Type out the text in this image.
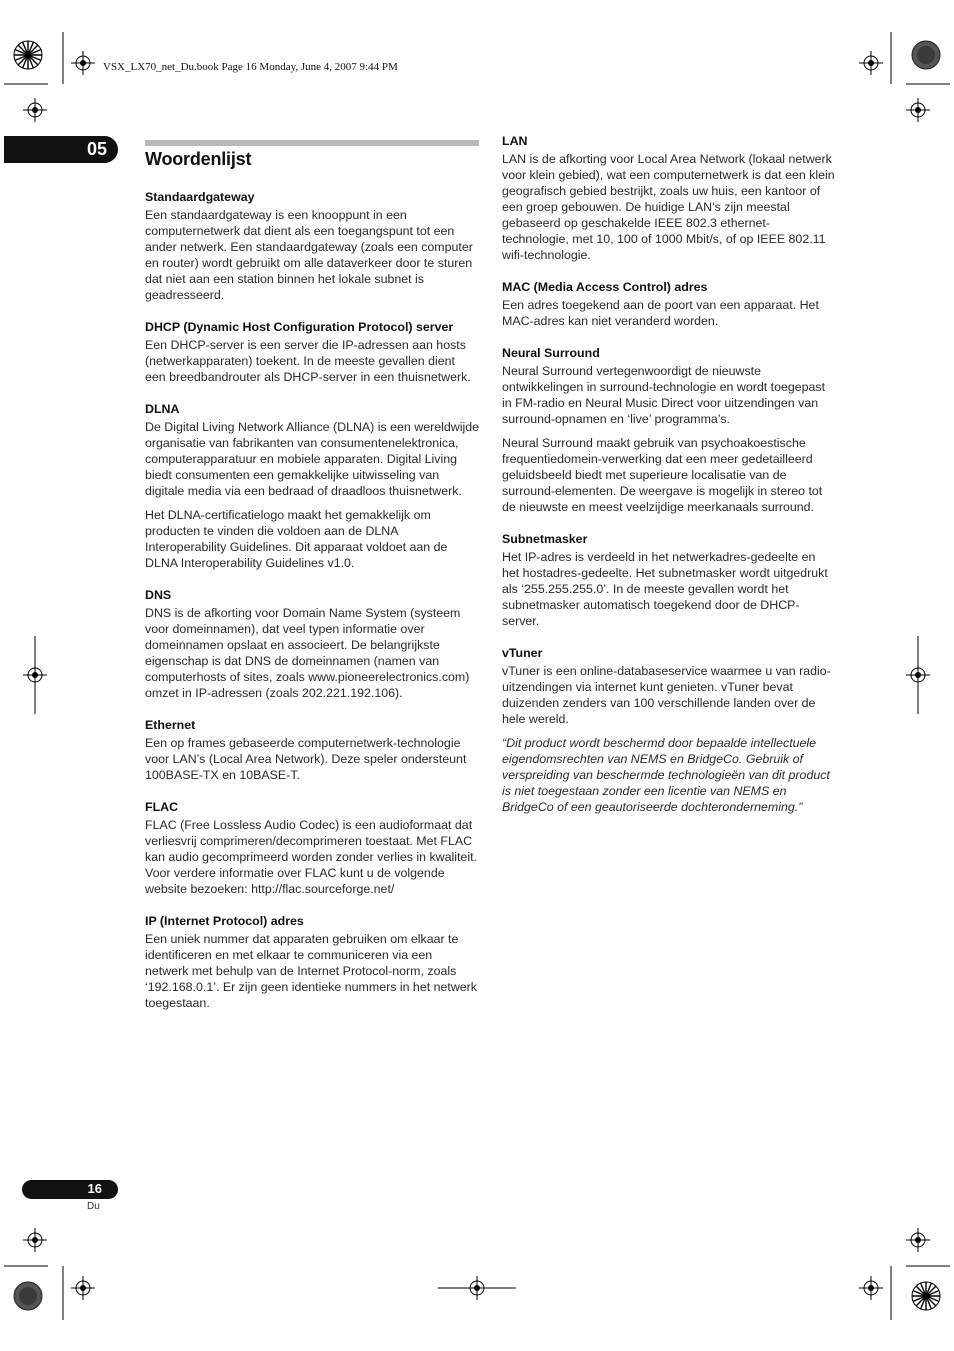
VSX_LX70_net_Du.book Page 16 Monday, June 4, 2007 9:44 PM
05 Woordenlijst
Standaardgateway

Een standaardgateway is een knooppunt in een computernetwerk dat dient als een toegangspunt tot een ander netwerk. Een standaardgateway (zoals een computer en router) wordt gebruikt om alle dataverkeer door te sturen dat niet aan een station binnen het lokale subnet is geadresseerd.

DHCP (Dynamic Host Configuration Protocol) server

Een DHCP-server is een server die IP-adressen aan hosts (netwerkapparaten) toekent. In de meeste gevallen dient een breedbandrouter als DHCP-server in een thuisnetwerk.

DLNA

De Digital Living Network Alliance (DLNA) is een wereldwijde organisatie van fabrikanten van consumentenelektronica, computerapparatuur en mobiele apparaten. Digital Living biedt consumenten een gemakkelijke uitwisseling van digitale media via een bedraad of draadloos thuisnetwerk.

Het DLNA-certificatielogo maakt het gemakkelijk om producten te vinden die voldoen aan de DLNA Interoperability Guidelines. Dit apparaat voldoet aan de DLNA Interoperability Guidelines v1.0.

DNS

DNS is de afkorting voor Domain Name System (systeem voor domeinnamen), dat veel typen informatie over domeinnamen opslaat en associeert. De belangrijkste eigenschap is dat DNS de domeinnamen (namen van computerhosts of sites, zoals www.pioneerelectronics.com) omzet in IP-adressen (zoals 202.221.192.106).

Ethernet

Een op frames gebaseerde computernetwerk-technologie voor LAN’s (Local Area Network). Deze speler ondersteunt 100BASE-TX en 10BASE-T.

FLAC

FLAC (Free Lossless Audio Codec) is een audioformaat dat verliesvrij comprimeren/decomprimeren toestaat. Met FLAC kan audio gecomprimeerd worden zonder verlies in kwaliteit. Voor verdere informatie over FLAC kunt u de volgende website bezoeken: http://flac.sourceforge.net/

IP (Internet Protocol) adres

Een uniek nummer dat apparaten gebruiken om elkaar te identificeren en met elkaar te communiceren via een netwerk met behulp van de Internet Protocol-norm, zoals ‘192.168.0.1’. Er zijn geen identieke nummers in het netwerk toegestaan.

LAN

LAN is de afkorting voor Local Area Network (lokaal netwerk voor klein gebied), wat een computernetwerk is dat een klein geografisch gebied bestrijkt, zoals uw huis, een kantoor of een groep gebouwen. De huidige LAN’s zijn meestal gebaseerd op geschakelde IEEE 802.3 ethernet-technologie, met 10, 100 of 1000 Mbit/s, of op IEEE 802.11 wifi-technologie.

MAC (Media Access Control) adres

Een adres toegekend aan de poort van een apparaat. Het MAC-adres kan niet veranderd worden.

Neural Surround

Neural Surround vertegenwoordigt de nieuwste ontwikkelingen in surround-technologie en wordt toegepast in FM-radio en Neural Music Direct voor uitzendingen van surround-opnamen en ‘live’ programma’s.

Neural Surround maakt gebruik van psychoakoestische frequentiedomein-verwerking dat een meer gedetailleerd geluidsbeeld biedt met superieure localisatie van de surround-elementen. De weergave is mogelijk in stereo tot de nieuwste en meest veelzijdige meerkanaals surround.

Subnetmasker

Het IP-adres is verdeeld in het netwerkadres-gedeelte en het hostadres-gedeelte. Het subnetmasker wordt uitgedrukt als ‘255.255.255.0’. In de meeste gevallen wordt het subnetmasker automatisch toegekend door de DHCP-server.

vTuner

vTuner is een online-databaseservice waarmee u van radio-uitzendingen via internet kunt genieten. vTuner bevat duizenden zenders van 100 verschillende landen over de hele wereld.

“Dit product wordt beschermd door bepaalde intellectuele eigendomsrechten van NEMS en BridgeCo. Gebruik of verspreiding van beschermde technologieën van dit product is niet toegestaan zonder een licentie van NEMS en BridgeCo of een geautoriseerde dochteronderneming.”

16
Du
